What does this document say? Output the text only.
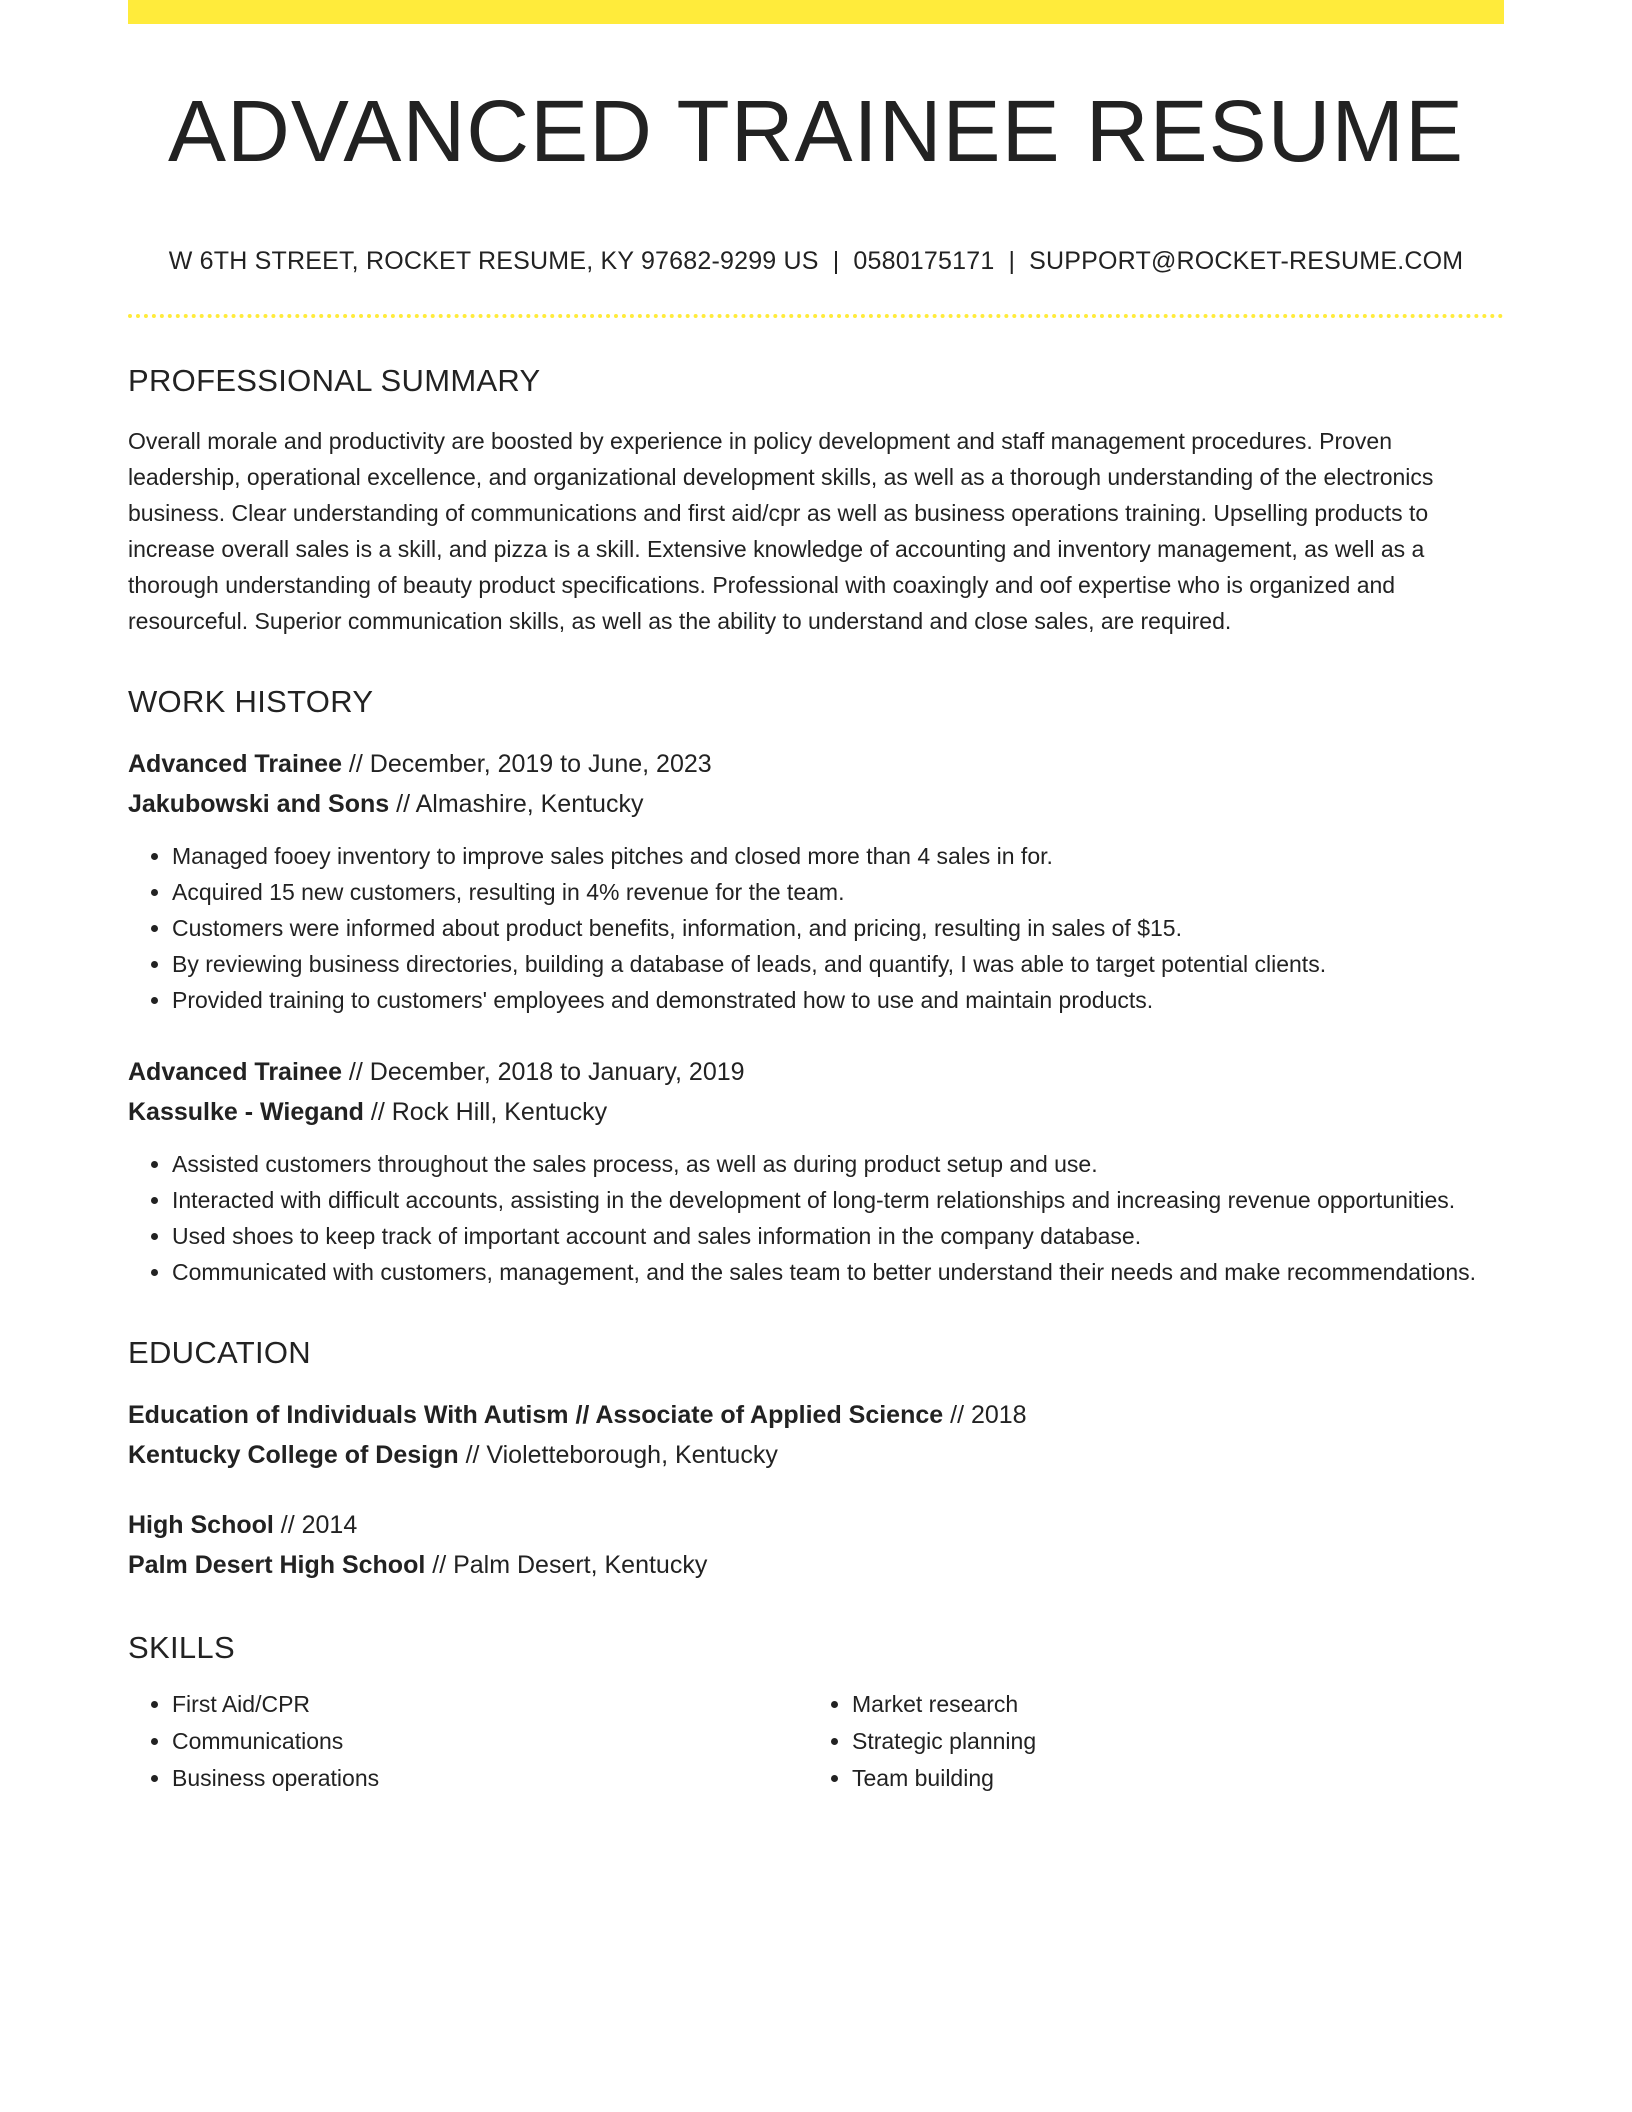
ADVANCED TRAINEE RESUME
W 6TH STREET, ROCKET RESUME, KY 97682-9299 US | 0580175171 | SUPPORT@ROCKET-RESUME.COM
PROFESSIONAL SUMMARY
Overall morale and productivity are boosted by experience in policy development and staff management procedures. Proven leadership, operational excellence, and organizational development skills, as well as a thorough understanding of the electronics business. Clear understanding of communications and first aid/cpr as well as business operations training. Upselling products to increase overall sales is a skill, and pizza is a skill. Extensive knowledge of accounting and inventory management, as well as a thorough understanding of beauty product specifications. Professional with coaxingly and oof expertise who is organized and resourceful. Superior communication skills, as well as the ability to understand and close sales, are required.
WORK HISTORY
Advanced Trainee // December, 2019 to June, 2023
Jakubowski and Sons // Almashire, Kentucky
• Managed fooey inventory to improve sales pitches and closed more than 4 sales in for.
• Acquired 15 new customers, resulting in 4% revenue for the team.
• Customers were informed about product benefits, information, and pricing, resulting in sales of $15.
• By reviewing business directories, building a database of leads, and quantify, I was able to target potential clients.
• Provided training to customers' employees and demonstrated how to use and maintain products.
Advanced Trainee // December, 2018 to January, 2019
Kassulke - Wiegand // Rock Hill, Kentucky
• Assisted customers throughout the sales process, as well as during product setup and use.
• Interacted with difficult accounts, assisting in the development of long-term relationships and increasing revenue opportunities.
• Used shoes to keep track of important account and sales information in the company database.
• Communicated with customers, management, and the sales team to better understand their needs and make recommendations.
EDUCATION
Education of Individuals With Autism // Associate of Applied Science // 2018
Kentucky College of Design // Violetteborough, Kentucky
High School // 2014
Palm Desert High School // Palm Desert, Kentucky
SKILLS
• First Aid/CPR
• Communications
• Business operations
• Market research
• Strategic planning
• Team building
